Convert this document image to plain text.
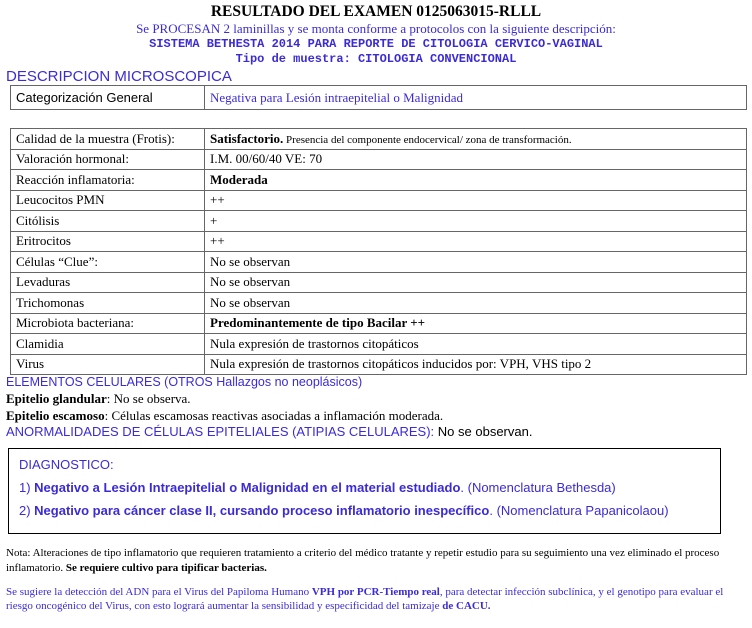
RESULTADO DEL EXAMEN 0125063015-RLLL
Se PROCESAN 2 laminillas y se monta conforme a protocolos con la siguiente descripción:
SISTEMA BETHESTA 2014 PARA REPORTE DE CITOLOGIA CERVICO-VAGINAL
Tipo de muestra: CITOLOGIA CONVENCIONAL
DESCRIPCION MICROSCOPICA
Categorización General	Negativa para Lesión intraepitelial o Malignidad
Calidad de la muestra (Frotis):	Satisfactorio. Presencia del componente endocervical/ zona de transformación.
Valoración hormonal:	I.M. 00/60/40 VE: 70
Reacción inflamatoria:	Moderada
Leucocitos PMN	++
Citólisis	+
Eritrocitos	++
Células “Clue”:	No se observan
Levaduras	No se observan
Trichomonas	No se observan
Microbiota bacteriana:	Predominantemente de tipo Bacilar ++
Clamidia	Nula expresión de trastornos citopáticos
Virus	Nula expresión de trastornos citopáticos inducidos por: VPH, VHS tipo 2
ELEMENTOS CELULARES (OTROS Hallazgos no neoplásicos)
Epitelio glandular: No se observa.
Epitelio escamoso: Células escamosas reactivas asociadas a inflamación moderada.
ANORMALIDADES DE CÉLULAS EPITELIALES (ATIPIAS CELULARES): No se observan.
DIAGNOSTICO:
1) Negativo a Lesión Intraepitelial o Malignidad en el material estudiado. (Nomenclatura Bethesda)
2) Negativo para cáncer clase II, cursando proceso inflamatorio inespecífico. (Nomenclatura Papanicolaou)
Nota: Alteraciones de tipo inflamatorio que requieren tratamiento a criterio del médico tratante y repetir estudio para su seguimiento una vez eliminado el proceso inflamatorio. Se requiere cultivo para tipificar bacterias.
Se sugiere la detección del ADN para el Virus del Papiloma Humano VPH por PCR-Tiempo real, para detectar infección subclínica, y el genotipo para evaluar el riesgo oncogénico del Virus, con esto logrará aumentar la sensibilidad y especificidad del tamizaje de CACU.
